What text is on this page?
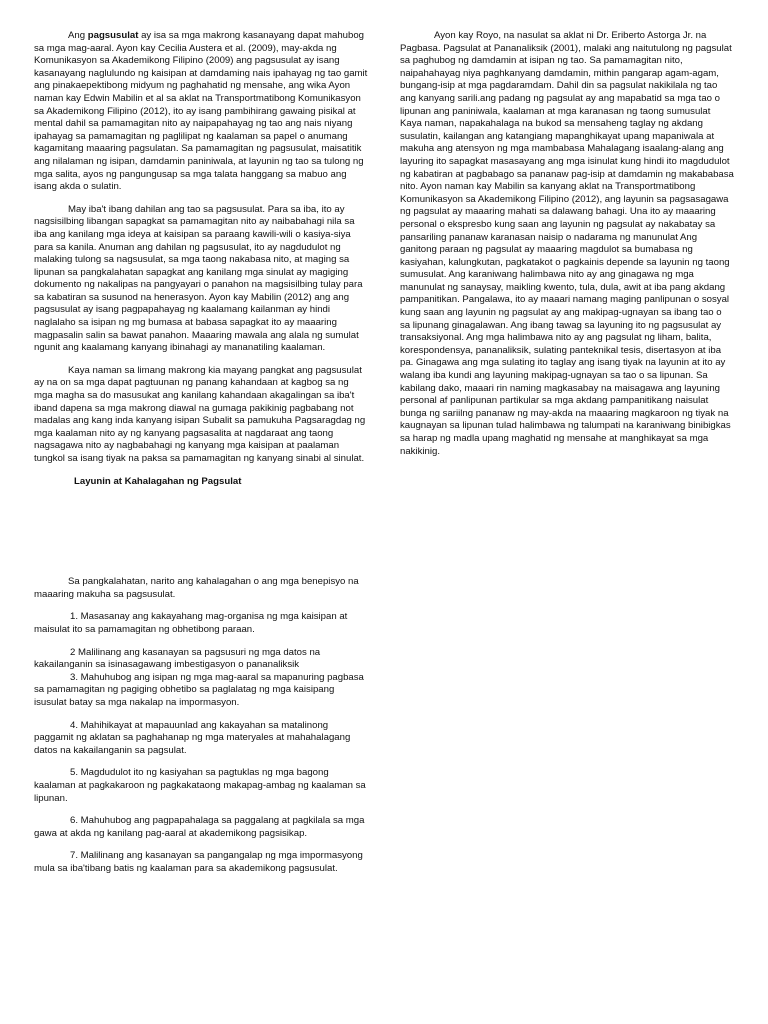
Ang pagsusulat ay isa sa mga makrong kasanayang dapat mahubog sa mga mag-aaral. Ayon kay Cecilia Austera et al. (2009), may-akda ng Komunikasyon sa Akademikong Filipino (2009) ang pagsusulat ay isang kasanayang naglulundo ng kaisipan at damdaming nais ipahayag ng tao gamit ang pinakaepektibong midyum ng paghahatid ng mensahe, ang wika Ayon naman kay Edwin Mabilin et al sa aklat na Transportmatibong Komunikasyon sa Akademikong Filipino (2012), ito ay isang pambihirang gawaing pisikal at mental dahil sa pamamagitan nito ay naipapahayag ng tao ang nais niyang ipahayag sa pamamagitan ng paglilipat ng kaalaman sa papel o anumang kagamitang maaaring pagsulatan. Sa pamamagitan ng pagsusulat, maisatitik ang nilalaman ng isipan, damdamin paniniwala, at layunin ng tao sa tulong ng mga salita, ayos ng pangungusap sa mga talata hanggang sa mabuo ang isang akda o sulatin.

May iba't ibang dahilan ang tao sa pagsusulat. Para sa iba, ito ay nagsisilbing libangan sapagkat sa pamamagitan nito ay naibabahagi nila sa iba ang kanilang mga ideya at kaisipan sa paraang kawili-wili o kasiya-siya para sa kanila. Anuman ang dahilan ng pagsusulat, ito ay nagdudulot ng malaking tulong sa nagsusulat, sa mga taong nakabasa nito, at maging sa lipunan sa pangkalahatan sapagkat ang kanilang mga sinulat ay magiging dokumento ng nakalipas na pangyayari o panahon na magsisilbing tulay para sa kabatiran sa susunod na henerasyon. Ayon kay Mabilin (2012) ang ang pagsusulat ay isang pagpapahayag ng kaalamang kailanman ay hindi naglalaho sa isipan ng mg bumasa at babasa sapagkat ito ay maaaring magpasalin salin sa bawat panahon. Maaaring mawala ang alala ng sumulat ngunit ang kaalamang kanyang ibinahagi ay mananatiling kaalaman.

Kaya naman sa limang makrong kia mayang pangkat ang pagsusulat ay na on sa mga dapat pagtuunan ng panang kahandaan at kagbog sa ng mga magha sa do masusukat ang kanilang kahandaan akagalingan sa iba't iband dapena sa mga makrong diawal na gumaga pakikinig pagbabang not madalas ang kang inda kanyang isipan Subalit sa pamukuha Pagsaragdag ng mga kaalaman nito ay ng kanyang pagsasalita at nagdaraat ang taong nagsagawa nito ay nagbabahagi ng kanyang mga kaisipan at paalaman tungkol sa isang tiyak na paksa sa pamamagitan ng kanyang sinabi al sinulat.

Layunin at Kahalagahan ng Pagsulat

Sa pangkalahatan, narito ang kahalagahan o ang mga benepisyo na maaaring makuha sa pagsusulat.

1. Masasanay ang kakayahang mag-organisa ng mga kaisipan at maisulat ito sa pamamagitan ng obhetibong paraan.
2 Malilinang ang kasanayan sa pagsusuri ng mga datos na kakailanganin sa isinasagawang imbestigasyon o pananaliksik
3. Mahuhubog ang isipan ng mga mag-aaral sa mapanuring pagbasa sa pamamagitan ng pagiging obhetibo sa paglalatag ng mga kaisipang isusulat batay sa mga nakalap na impormasyon.
4. Mahihikayat at mapauunlad ang kakayahan sa matalinong paggamit ng aklatan sa paghahanap ng mga materyales at mahahalagang datos na kakailanganin sa pagsulat.
5. Magdudulot ito ng kasiyahan sa pagtuklas ng mga bagong kaalaman at pagkakaroon ng pagkakataong makapag-ambag ng kaalaman sa lipunan.
6. Mahuhubog ang pagpapahalaga sa paggalang at pagkilala sa mga gawa at akda ng kanilang pag-aaral at akademikong pagsisikap.
7. Malilinang ang kasanayan sa pangangalap ng mga impormasyong mula sa iba'tibang batis ng kaalaman para sa akademikong pagsusulat.

Ayon kay Royo, na nasulat sa aklat ni Dr. Eriberto Astorga Jr. na Pagbasa. Pagsulat at Pananaliksik (2001), malaki ang naitutulong ng pagsulat sa paghubog ng damdamin at isipan ng tao. Sa pamamagitan nito, naipahahayag niya paghkanyang damdamin, mithin pangarap agam-agam, bungang-isip at mga pagdaramdam. Dahil din sa pagsulat nakikilala ng tao ang kanyang sarili.ang padang ng pagsulat ay ang mapabatid sa mga tao o lipunan ang paniniwala, kaalaman at mga karanasan ng taong sumusulat Kaya naman, napakahalaga na bukod sa mensaheng taglay ng akdang susulatin, kailangan ang katangiang mapanghikayat upang mapaniwala at makuha ang atensyon ng mga mambabasa Mahalagang isaalang-alang ang layuring ito sapagkat masasayang ang mga isinulat kung hindi ito magdudulot ng kabatiran at pagbabago sa pananaw pag-isip at damdamin ng makababasa nito. Ayon naman kay Mabilin sa kanyang aklat na Transportmatibong Komunikasyon sa Akademikong Filipino (2012), ang layunin sa pagsasagawa ng pagsulat ay maaaring mahati sa dalawang bahagi. Una ito ay maaaring personal o ekspresbo kung saan ang layunin ng pagsulat ay nakabatay sa pansariling pananaw karanasan naisip o nadarama ng manunulat Ang ganitong paraan ng pagsulat ay maaaring magdulot sa bumabasa ng kasiyahan, kalungkutan, pagkatakot o pagkainis depende sa layunin ng taong sumusulat. Ang karaniwang halimbawa nito ay ang ginagawa ng mga manunulat ng sanaysay, maikling kwento, tula, dula, awit at iba pang akdang pampanitikan. Pangalawa, ito ay maaari namang maging panlipunan o sosyal kung saan ang layunin ng pagsulat ay ang makipag-ugnayan sa ibang tao o sa lipunang ginagalawan. Ang ibang tawag sa layuning ito ng pagsusulat ay transaksiyonal. Ang mga halimbawa nito ay ang pagsulat ng liham, balita, korespondensya, pananaliksik, sulating panteknikal tesis, disertasyon at iba pa. Ginagawa ang mga sulating ito taglay ang isang tiyak na layunin at ito ay walang iba kundi ang layuning makipag-ugnayan sa tao o sa lipunan. Sa kabilang dako, maaari rin naming magkasabay na maisagawa ang layuning personal af panlipunan partikular sa mga akdang pampanitikang naisulat bunga ng sariilng pananaw ng may-akda na maaaring magkaroon ng tiyak na kaugnayan sa lipunan tulad halimbawa ng talumpati na karaniwang binibigkas sa harap ng madla upang maghatid ng mensahe at manghikayat sa mga nakikinig.
